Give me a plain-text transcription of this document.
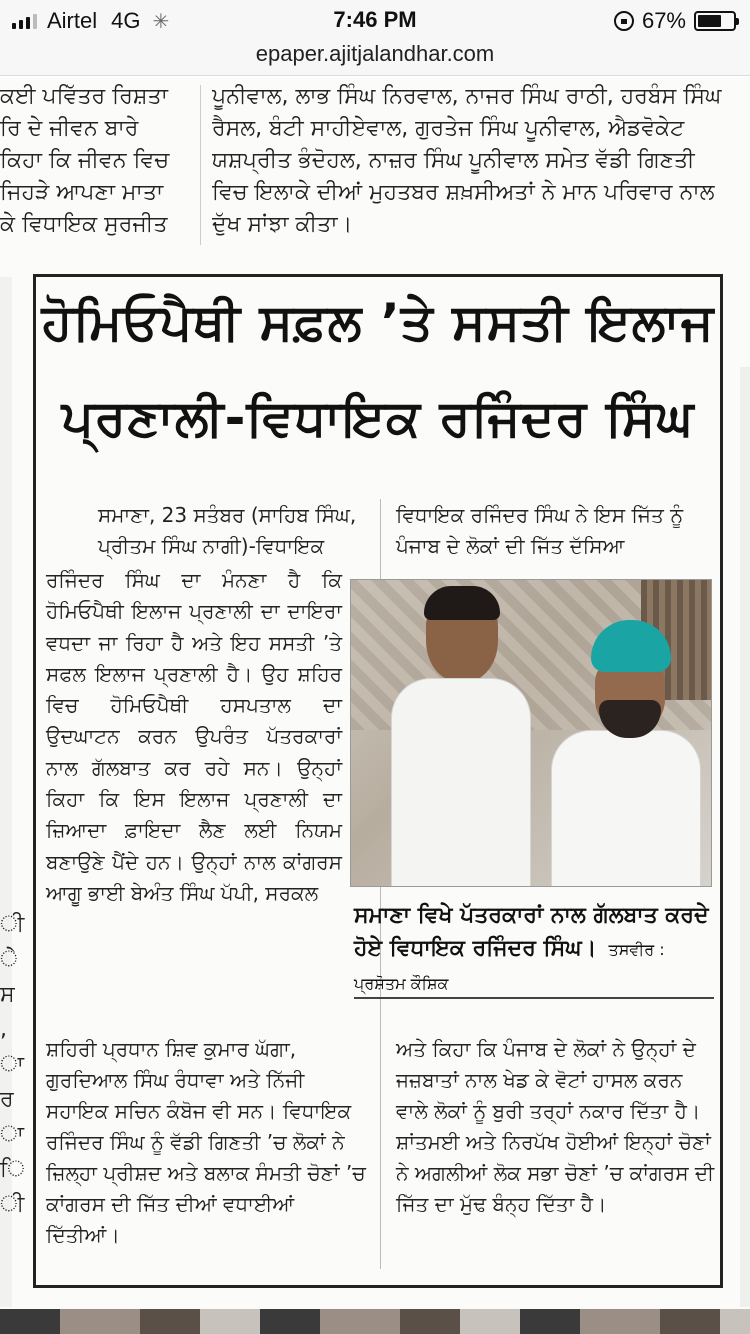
Airtel 4G ✳	7:46 PM	67%
epaper.ajitjalandhar.com
ਕਈ ਪਵਿੱਤਰ ਰਿਸ਼ਤਾ
ਰਿ ਦੇ ਜੀਵਨ ਬਾਰੇ
ਕਿਹਾ ਕਿ ਜੀਵਨ ਵਿਚ
ਜਿਹੜੇ ਆਪਣਾ ਮਾਤਾ
ਕੇ ਵਿਧਾਇਕ ਸੁਰਜੀਤ
ਪੂਨੀਵਾਲ, ਲਾਭ ਸਿੰਘ ਨਿਰਵਾਲ, ਨਾਜਰ ਸਿੰਘ ਰਾਠੀ, ਹਰਬੰਸ ਸਿੰਘ ਰੈਸਲ, ਬੰਟੀ ਸਾਹੀਏਵਾਲ, ਗੁਰਤੇਜ ਸਿੰਘ ਪੂਨੀਵਾਲ, ਐਡਵੋਕੇਟ ਯਸ਼ਪ੍ਰੀਤ ਭੰਦੋਹਲ, ਨਾਜ਼ਰ ਸਿੰਘ ਪੂਨੀਵਾਲ ਸਮੇਤ ਵੱਡੀ ਗਿਣਤੀ ਵਿਚ ਇਲਾਕੇ ਦੀਆਂ ਮੁਹਤਬਰ ਸ਼ਖ਼ਸੀਅਤਾਂ ਨੇ ਮਾਨ ਪਰਿਵਾਰ ਨਾਲ ਦੁੱਖ ਸਾਂਝਾ ਕੀਤਾ।
ੀ
ੇ
ਸ
,
ਾ
ਰ
ਾ
ਿ
ੀ
ਹੋਮਿਓਪੈਥੀ ਸਫ਼ਲ ’ਤੇ ਸਸਤੀ ਇਲਾਜ
ਪ੍ਰਣਾਲੀ-ਵਿਧਾਇਕ ਰਜਿੰਦਰ ਸਿੰਘ
ਸਮਾਣਾ, 23 ਸਤੰਬਰ (ਸਾਹਿਬ ਸਿੰਘ, ਪ੍ਰੀਤਮ ਸਿੰਘ ਨਾਗੀ)-ਵਿਧਾਇਕ
ਵਿਧਾਇਕ ਰਜਿੰਦਰ ਸਿੰਘ ਨੇ ਇਸ ਜਿੱਤ ਨੂੰ ਪੰਜਾਬ ਦੇ ਲੋਕਾਂ ਦੀ ਜਿੱਤ ਦੱਸਿਆ
ਰਜਿੰਦਰ ਸਿੰਘ ਦਾ ਮੰਨਣਾ ਹੈ ਕਿ ਹੋਮਿਓਪੈਥੀ ਇਲਾਜ ਪ੍ਰਣਾਲੀ ਦਾ ਦਾਇਰਾ ਵਧਦਾ ਜਾ ਰਿਹਾ ਹੈ ਅਤੇ ਇਹ ਸਸਤੀ ’ਤੇ ਸਫਲ ਇਲਾਜ ਪ੍ਰਣਾਲੀ ਹੈ। ਉਹ ਸ਼ਹਿਰ ਵਿਚ ਹੋਮਿਓਪੈਥੀ ਹਸਪਤਾਲ ਦਾ ਉਦਘਾਟਨ ਕਰਨ ਉਪਰੰਤ ਪੱਤਰਕਾਰਾਂ ਨਾਲ ਗੱਲਬਾਤ ਕਰ ਰਹੇ ਸਨ। ਉਨ੍ਹਾਂ ਕਿਹਾ ਕਿ ਇਸ ਇਲਾਜ ਪ੍ਰਣਾਲੀ ਦਾ ਜ਼ਿਆਦਾ ਫ਼ਾਇਦਾ ਲੈਣ ਲਈ ਨਿਯਮ ਬਣਾਉਣੇ ਪੈਂਦੇ ਹਨ। ਉਨ੍ਹਾਂ ਨਾਲ ਕਾਂਗਰਸ ਆਗੂ ਭਾਈ ਬੇਅੰਤ ਸਿੰਘ ਪੱਪੀ, ਸਰਕਲ
ਸਮਾਣਾ ਵਿਖੇ ਪੱਤਰਕਾਰਾਂ ਨਾਲ ਗੱਲਬਾਤ ਕਰਦੇ ਹੋਏ ਵਿਧਾਇਕ ਰਜਿੰਦਰ ਸਿੰਘ। ਤਸਵੀਰ : ਪ੍ਰਸ਼ੋਤਮ ਕੌਸ਼ਿਕ
ਸ਼ਹਿਰੀ ਪ੍ਰਧਾਨ ਸ਼ਿਵ ਕੁਮਾਰ ਘੱਗਾ, ਗੁਰਦਿਆਲ ਸਿੰਘ ਰੰਧਾਵਾ ਅਤੇ ਨਿੱਜੀ ਸਹਾਇਕ ਸਚਿਨ ਕੰਬੋਜ ਵੀ ਸਨ। ਵਿਧਾਇਕ ਰਜਿੰਦਰ ਸਿੰਘ ਨੂੰ ਵੱਡੀ ਗਿਣਤੀ ’ਚ ਲੋਕਾਂ ਨੇ ਜ਼ਿਲ੍ਹਾ ਪ੍ਰੀਸ਼ਦ ਅਤੇ ਬਲਾਕ ਸੰਮਤੀ ਚੋਣਾਂ ’ਚ ਕਾਂਗਰਸ ਦੀ ਜਿੱਤ ਦੀਆਂ ਵਧਾਈਆਂ ਦਿੱਤੀਆਂ।
ਅਤੇ ਕਿਹਾ ਕਿ ਪੰਜਾਬ ਦੇ ਲੋਕਾਂ ਨੇ ਉਨ੍ਹਾਂ ਦੇ ਜਜ਼ਬਾਤਾਂ ਨਾਲ ਖੇਡ ਕੇ ਵੋਟਾਂ ਹਾਸਲ ਕਰਨ ਵਾਲੇ ਲੋਕਾਂ ਨੂੰ ਬੁਰੀ ਤਰ੍ਹਾਂ ਨਕਾਰ ਦਿੱਤਾ ਹੈ। ਸ਼ਾਂਤਮਈ ਅਤੇ ਨਿਰਪੱਖ ਹੋਈਆਂ ਇਨ੍ਹਾਂ ਚੋਣਾਂ ਨੇ ਅਗਲੀਆਂ ਲੋਕ ਸਭਾ ਚੋਣਾਂ ’ਚ ਕਾਂਗਰਸ ਦੀ ਜਿੱਤ ਦਾ ਮੁੱਢ ਬੰਨ੍ਹ ਦਿੱਤਾ ਹੈ।
